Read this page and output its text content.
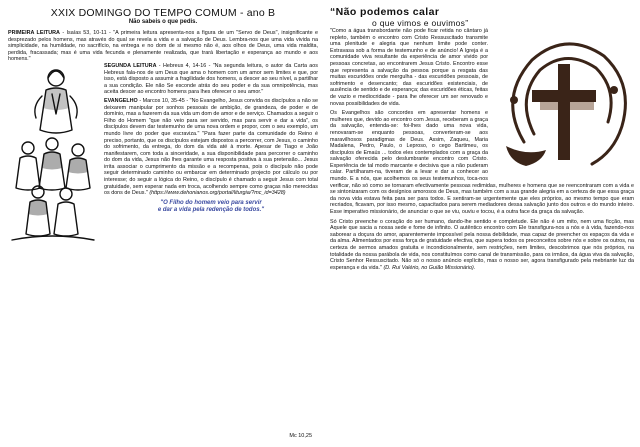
XXIX DOMINGO DO TEMPO COMUM - ano B
Não sabeis o que pedis.

PRIMEIRA LEITURA - Isaías 53, 10-11 - "A primeira leitura apresenta-nos a figura de um "Servo de Deus", insignificante e desprezado pelos homens, mas através do qual se revela a vida e a salvação de Deus. Lembra-nos que uma vida vivida na simplicidade, na humildade, no sacrifício, na entrega e no dom de si mesmo não é, aos olhos de Deus, uma vida maldita, perdida, fracassada; mas é uma vida fecunda e plenamente realizada, que trará libertação e esperança ao mundo e aos homens."

SEGUNDA LEITURA - Hebreus 4, 14-16 - "Na segunda leitura, o autor da Carta aos Hebreus fala-nos de um Deus que ama o homem com um amor sem limites e que, por isso, está disposto a assumir a fragilidade dos homens, a descer ao seu nível, a partilhar a sua condição. Ele não Se esconde atrás do seu poder e da sua omnipotência, mas aceita descer ao encontro homens para lhes oferecer o seu amor."

EVANGELHO - Marcos 10, 35-45 - "No Evangelho, Jesus convida os discípulos a não se deixarem manipular por sonhos pessoais de ambição, de grandeza, de poder e de domínio, mas a fazerem da sua vida um dom de amor e de serviço. Chamados a seguir o Filho do Homem "que não veio para ser servido, mas para servir e dar a vida", os discípulos devem dar testemunho de uma nova ordem e propor, com o seu exemplo, um mundo livre do poder que escraviza." "Para fazer parte da comunidade do Reino é preciso, portanto, que os discípulos estejam dispostos a percorrer, com Jesus, o caminho do sofrimento, da entrega, do dom da vida até à morte. Apesar de Tiago e João manifestarem, com toda a sinceridade, a sua disponibilidade para percorrer o caminho do dom da vida, Jesus não lhes garante uma resposta positiva à sua pretensão... Jesus irrita associar o cumprimento da missão e a recompensa, pois o discípulo não pode seguir determinado caminho ou embarcar em determinado projecto por cálculo ou por interesse; do seguir a lógica do Reino, o discípulo é chamado a seguir Jesus com total gratuidade, sem esperar nada em troca, acolhendo sempre como graças não merecidas os dons de Deus." (https://www.dehonianos.org/portal/liturgia/?mc_id=3428)

"O Filho do homem veio para servir
e dar a vida pela redenção de todos."
Mc 10,25
“Não podemos calar
o que vimos e ouvimos”

"Como a água transbordante não pode ficar retida no cântaro já repleto, também o encontro com Cristo Ressuscitado transmite uma plenitude e alegria que nenhum limite pode conter. Extravasa sob a forma de testemunho e de anúncio! A Igreja é a comunidade viva resultante da experiência de amor vivido por pessoas concretas, ao encontrarem Jesus Cristo. Encontro esse que representa a salvação da pessoa porque a resgata das muitas escuridões onde mergulha - das escuridões pessoais, de sofrimento e desencanto; das escuridões existenciais, de ausência de sentido e de esperança; das escuridões éticas, feitas de vazio e mediocridade - para lhe oferecer um ser renovado e novas possibilidades de vida.

Os Evangelhos são concordes em apresentar homens e mulheres que, devido ao encontro com Jesus, receberam a graça da salvação, entenda-se: foi-lhes dado uma nova vida, renovaram-se enquanto pessoas, converteram-se aos maravilhosos paradigmas de Deus. Assim, Zaqueu, Maria Madalena, Pedro, Paulo, o Leproso, o cego Bartimeu, os discípulos de Emaús ... todos eles contemplados com a graça da salvação oferecida pelo deslumbrante encontro com Cristo. Experiência de tal modo marcante e decisiva que a não puderam calar. Partilharam-na, tiveram de a levar e dar a conhecer ao mundo. E a nós, que acolhemos os seus testemunhos, toca-nos verificar, não só como se tornaram efectivamente pessoas redimidas, mulheres e homens que se reencontraram com a vida e se sintonizaram com os desígnios amorosos de Deus, mas também com a sua grande alegria em a certeza de que essa graça da nova vida estava feita para ser para todos. E sentiram-se urgentemente que eles próprios, ao mesmo tempo que eram recriados, ficavam, por isso mesmo, capacitados para serem mediadores dessa salvação junto dos outros e do mundo inteiro. Esse imperativo missionário, de anunciar o que se viu, ouviu e tocou, é a outra face da graça da salvação.

Só Cristo preenche o coração do ser humano, dando-lhe sentido e completude. Ele não é um mito, nem uma ficção, mas Aquele que sacia a nossa sede e fome de infinito. O autêntico encontro com Ele transfigura-nos a nós e à vida, fazendo-nos saborear a doçura do amor, aparentemente impossível pela nossa debilidade, mas capaz de preencher os espaços da vida e da alma. Alimentados por essa força de gratuidade efectiva, que supera todos os preconceitos sobre nós e sobre os outros, na certeza de sermos amados gratuita e incondicionalmente, sem restrições, nem limites, descobrimos que nós próprios, na totalidade da nossa parábola de vida, nos constituímos como canal de transmissão, para os irmãos, da água viva da salvação, Cristo Senhor Ressuscitado. Não só o nosso anúncio explícito, mas o nosso ser, agora transfigurado pela mebriante luz da esperança e da vida." (D. Rui Valério, no Guião Missionário).
